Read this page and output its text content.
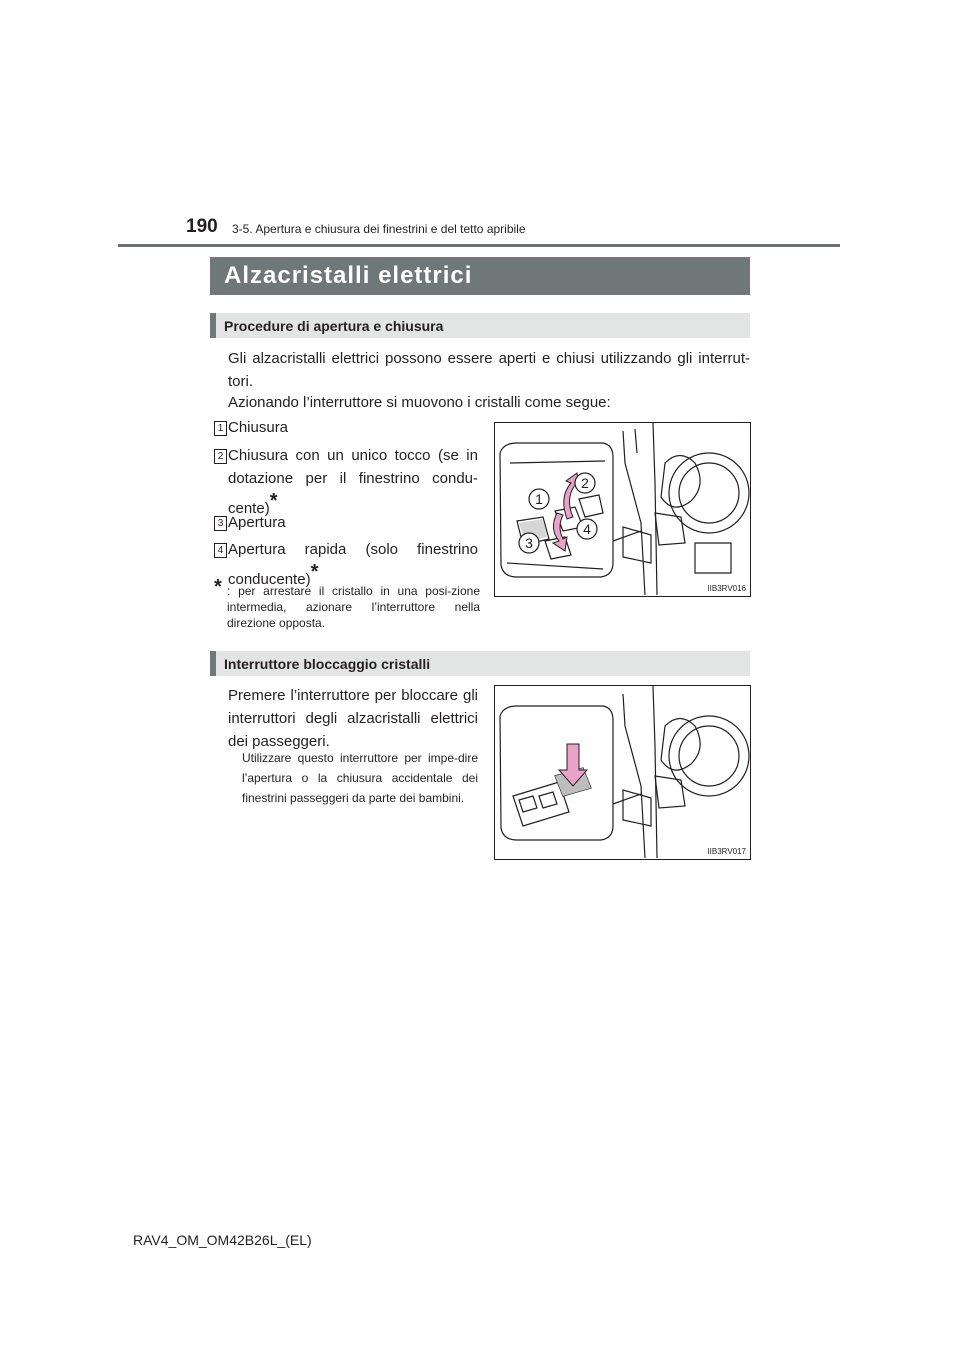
190 3-5. Apertura e chiusura dei finestrini e del tetto apribile
Alzacristalli elettrici
Procedure di apertura e chiusura
Gli alzacristalli elettrici possono essere aperti e chiusi utilizzando gli interrut-tori.
Azionando l’interruttore si muovono i cristalli come segue:
1 Chiusura
2 Chiusura con un unico tocco (se in dotazione per il finestrino condu-cente)*
3 Apertura
4 Apertura rapida (solo finestrino conducente)*
* : per arrestare il cristallo in una posi-zione intermedia, azionare l’interruttore nella direzione opposta.
1
2
3
4
IIB3RV016
Interruttore bloccaggio cristalli
Premere l’interruttore per bloccare gli interruttori degli alzacristalli elettrici dei passeggeri.
Utilizzare questo interruttore per impe-dire l’apertura o la chiusura accidentale dei finestrini passeggeri da parte dei bambini.
IIB3RV017
RAV4_OM_OM42B26L_(EL)
